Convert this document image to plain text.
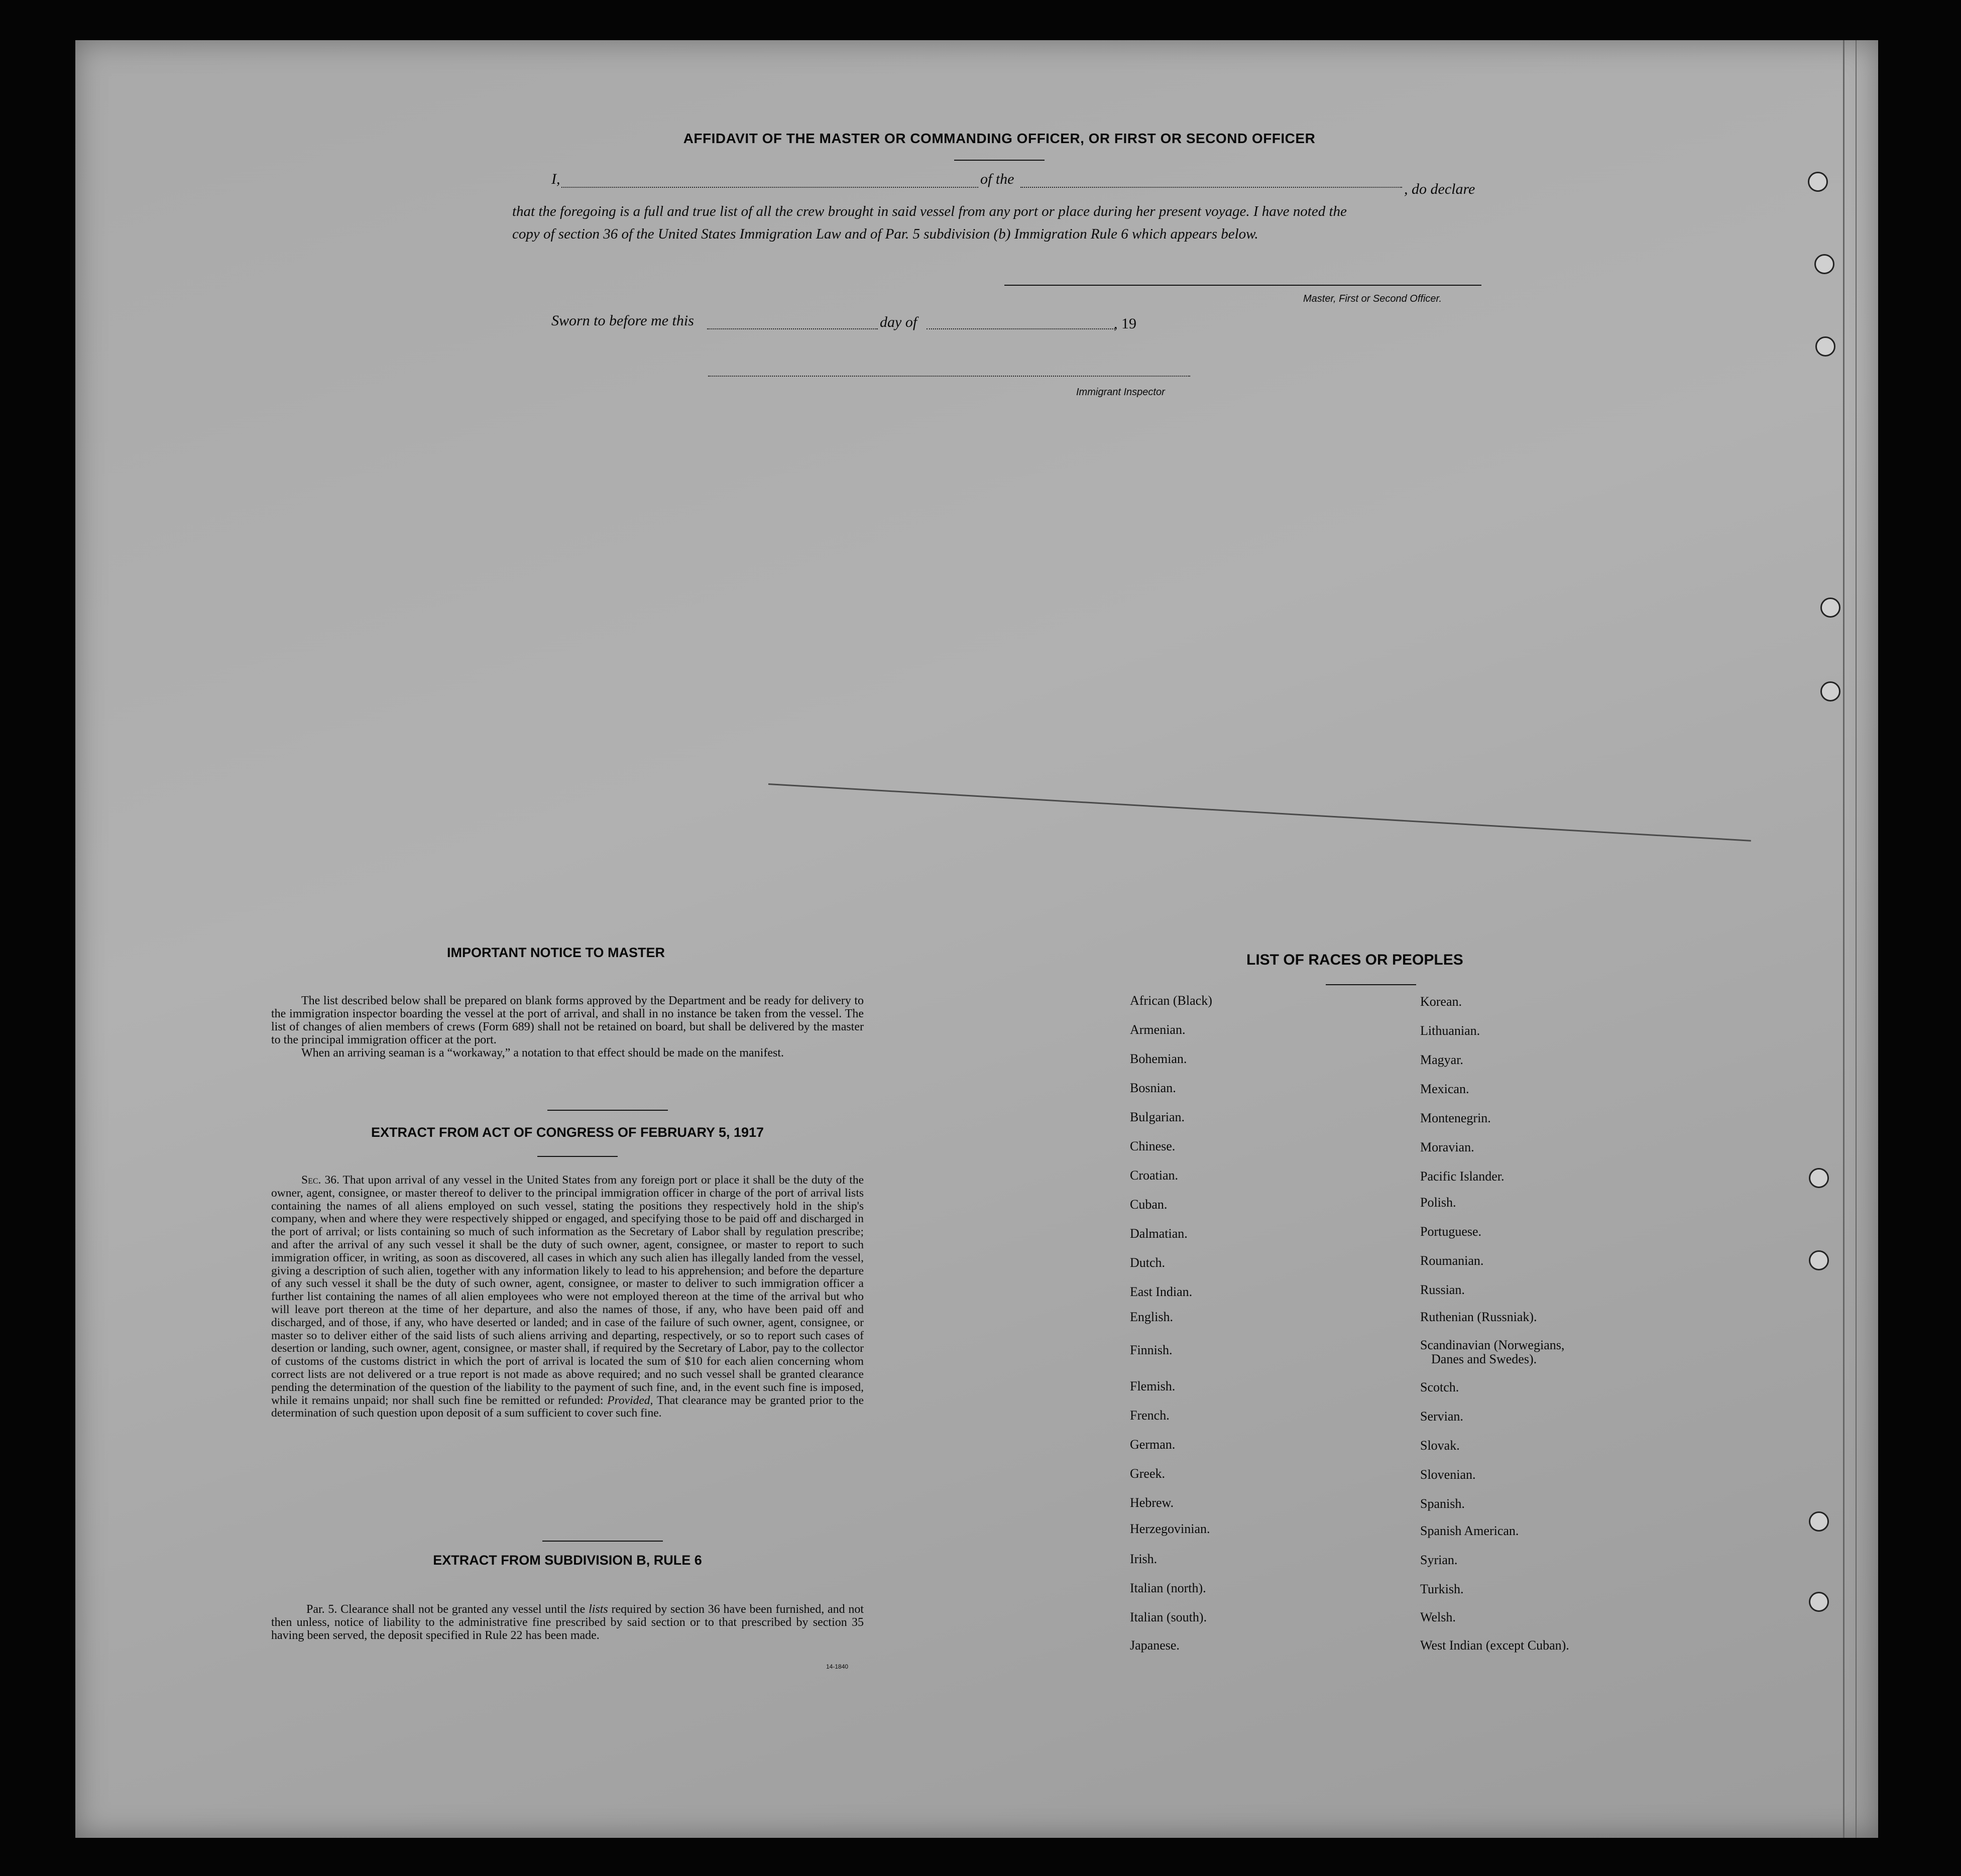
AFFIDAVIT OF THE MASTER OR COMMANDING OFFICER, OR FIRST OR SECOND OFFICER
I,	of the
, do declare
that the foregoing is a full and true list of all the crew brought in said vessel from any port or place during her present voyage. I have noted the
copy of section 36 of the United States Immigration Law and of Par. 5 subdivision (b) Immigration Rule 6 which appears below.
Master, First or Second Officer.
Sworn to before me this	day of	, 19
Immigrant Inspector
IMPORTANT NOTICE TO MASTER
The list described below shall be prepared on blank forms approved by the Department and be ready for delivery to the immigration inspector boarding the vessel at the port of arrival, and shall in no instance be taken from the vessel. The list of changes of alien members of crews (Form 689) shall not be retained on board, but shall be delivered by the master to the principal immigration officer at the port.
When an arriving seaman is a “workaway,” a notation to that effect should be made on the manifest.
EXTRACT FROM ACT OF CONGRESS OF FEBRUARY 5, 1917
Sec. 36. That upon arrival of any vessel in the United States from any foreign port or place it shall be the duty of the owner, agent, consignee, or master thereof to deliver to the principal immigration officer in charge of the port of arrival lists containing the names of all aliens employed on such vessel, stating the positions they respectively hold in the ship's company, when and where they were respectively shipped or engaged, and specifying those to be paid off and discharged in the port of arrival; or lists containing so much of such information as the Secretary of Labor shall by regulation prescribe; and after the arrival of any such vessel it shall be the duty of such owner, agent, consignee, or master to report to such immigration officer, in writing, as soon as discovered, all cases in which any such alien has illegally landed from the vessel, giving a description of such alien, together with any information likely to lead to his apprehension; and before the departure of any such vessel it shall be the duty of such owner, agent, consignee, or master to deliver to such immigration officer a further list containing the names of all alien employees who were not employed thereon at the time of the arrival but who will leave port thereon at the time of her departure, and also the names of those, if any, who have been paid off and discharged, and of those, if any, who have deserted or landed; and in case of the failure of such owner, agent, consignee, or master so to deliver either of the said lists of such aliens arriving and departing, respectively, or so to report such cases of desertion or landing, such owner, agent, consignee, or master shall, if required by the Secretary of Labor, pay to the collector of customs of the customs district in which the port of arrival is located the sum of $10 for each alien concerning whom correct lists are not delivered or a true report is not made as above required; and no such vessel shall be granted clearance pending the determination of the question of the liability to the payment of such fine, and, in the event such fine is imposed, while it remains unpaid; nor shall such fine be remitted or refunded: Provided, That clearance may be granted prior to the determination of such question upon deposit of a sum sufficient to cover such fine.
EXTRACT FROM SUBDIVISION B, RULE 6
Par. 5. Clearance shall not be granted any vessel until the lists required by section 36 have been furnished, and not then unless, notice of liability to the administrative fine prescribed by said section or to that prescribed by section 35 having been served, the deposit specified in Rule 22 has been made.
14-1840
LIST OF RACES OR PEOPLES
African (Black)
Armenian.
Bohemian.
Bosnian.
Bulgarian.
Chinese.
Croatian.
Cuban.
Dalmatian.
Dutch.
East Indian.
English.
Finnish.
Flemish.
French.
German.
Greek.
Hebrew.
Herzegovinian.
Irish.
Italian (north).
Italian (south).
Japanese.
Korean.
Lithuanian.
Magyar.
Mexican.
Montenegrin.
Moravian.
Pacific Islander.
Polish.
Portuguese.
Roumanian.
Russian.
Ruthenian (Russniak).
Scandinavian (Norwegians,
Danes and Swedes).
Scotch.
Servian.
Slovak.
Slovenian.
Spanish.
Spanish American.
Syrian.
Turkish.
Welsh.
West Indian (except Cuban).
